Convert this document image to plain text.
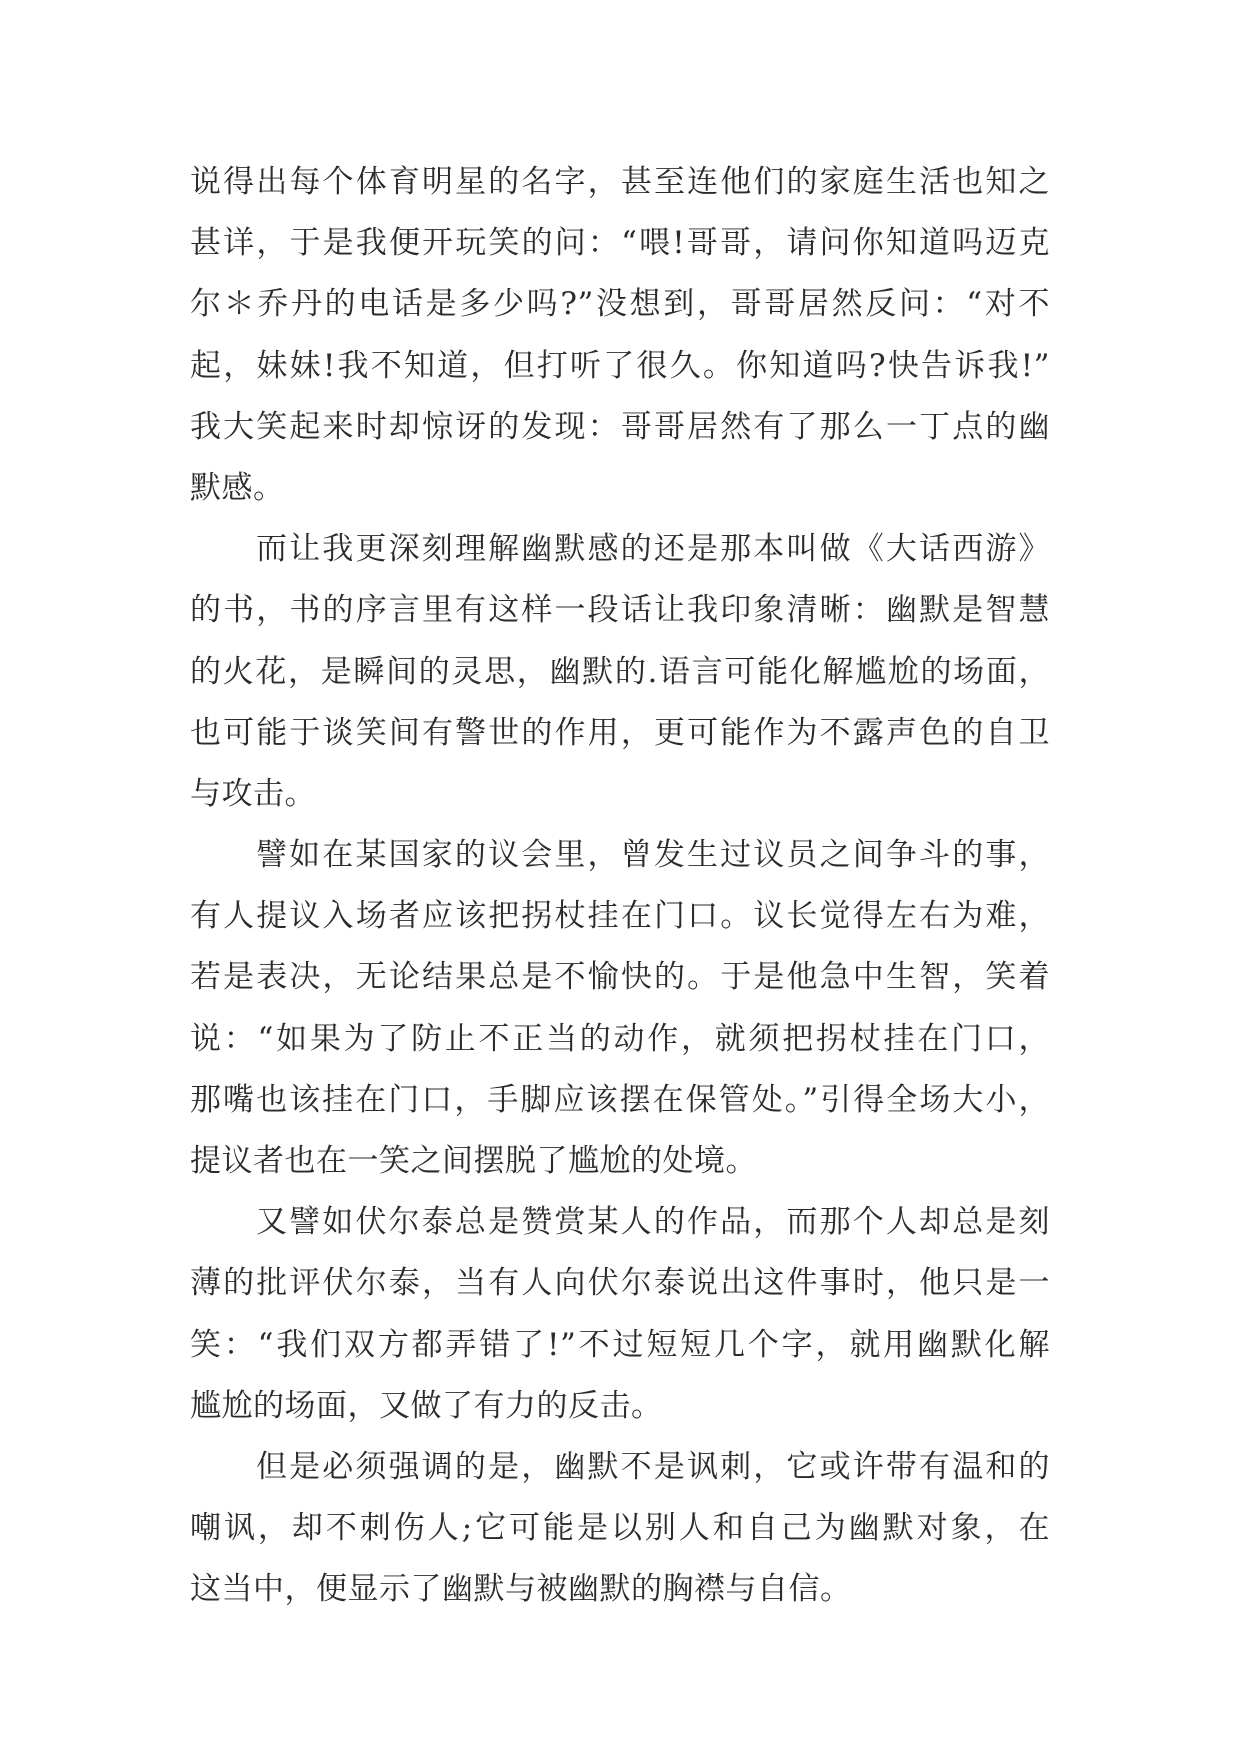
说得出每个体育明星的名字，甚至连他们的家庭生活也知之
甚详，于是我便开玩笑的问：“喂!哥哥，请问你知道吗迈克
尔＊乔丹的电话是多少吗?”没想到，哥哥居然反问：“对不
起，妹妹!我不知道，但打听了很久。你知道吗?快告诉我!”
我大笑起来时却惊讶的发现：哥哥居然有了那么一丁点的幽
默感。
而让我更深刻理解幽默感的还是那本叫做《大话西游》
的书，书的序言里有这样一段话让我印象清晰：幽默是智慧
的火花，是瞬间的灵思，幽默的.语言可能化解尴尬的场面，
也可能于谈笑间有警世的作用，更可能作为不露声色的自卫
与攻击。
譬如在某国家的议会里，曾发生过议员之间争斗的事，
有人提议入场者应该把拐杖挂在门口。议长觉得左右为难，
若是表决，无论结果总是不愉快的。于是他急中生智，笑着
说：“如果为了防止不正当的动作，就须把拐杖挂在门口，
那嘴也该挂在门口，手脚应该摆在保管处。”引得全场大小，
提议者也在一笑之间摆脱了尴尬的处境。
又譬如伏尔泰总是赞赏某人的作品，而那个人却总是刻
薄的批评伏尔泰，当有人向伏尔泰说出这件事时，他只是一
笑：“我们双方都弄错了!”不过短短几个字，就用幽默化解
尴尬的场面，又做了有力的反击。
但是必须强调的是，幽默不是讽刺，它或许带有温和的
嘲讽，却不刺伤人;它可能是以别人和自己为幽默对象，在
这当中，便显示了幽默与被幽默的胸襟与自信。
